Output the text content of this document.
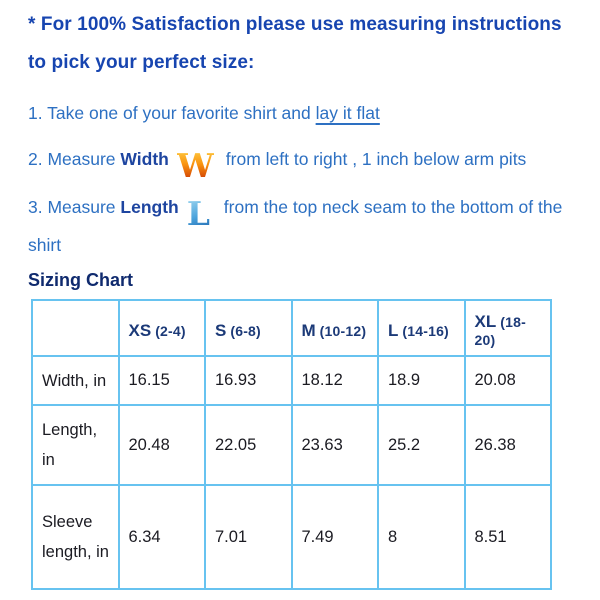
* For 100% Satisfaction please use measuring instructions
to pick your perfect size:
1. Take one of your favorite shirt and lay it flat
2. Measure Width W from left to right , 1 inch below arm pits
3. Measure Length L from the top neck seam to the bottom of the shirt
Sizing Chart
	XS (2-4)	S (6-8)	M (10-12)	L (14-16)	XL (18-20)
Width, in	16.15	16.93	18.12	18.9	20.08
Length, in	20.48	22.05	23.63	25.2	26.38
Sleeve length, in	6.34	7.01	7.49	8	8.51
